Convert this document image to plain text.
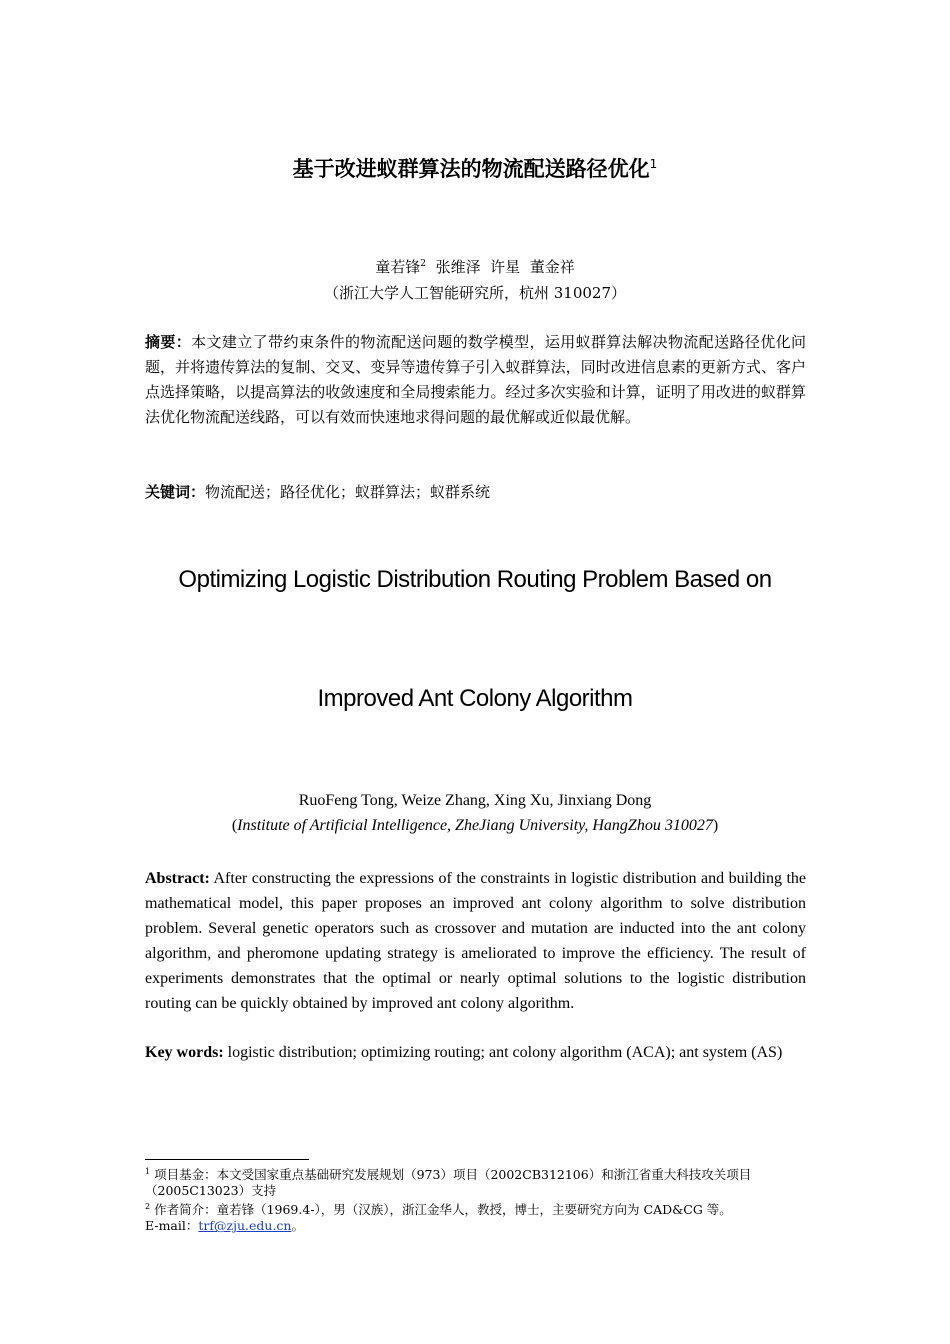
基于改进蚁群算法的物流配送路径优化$^1$
童若锋$^2$ 张维泽 许星 董金祥
（浙江大学人工智能研究所，杭州 310027）
摘要：本文建立了带约束条件的物流配送问题的数学模型，运用蚁群算法解决物流配送路径优化问题，并将遗传算法的复制、交叉、变异等遗传算子引入蚁群算法，同时改进信息素的更新方式、客户点选择策略，以提高算法的收敛速度和全局搜索能力。经过多次实验和计算，证明了用改进的蚁群算法优化物流配送线路，可以有效而快速地求得问题的最优解或近似最优解。
关键词：物流配送；路径优化；蚁群算法；蚁群系统
Optimizing Logistic Distribution Routing Problem Based on
Improved Ant Colony Algorithm
RuoFeng Tong, Weize Zhang, Xing Xu, Jinxiang Dong
(Institute of Artificial Intelligence, ZheJiang University, HangZhou 310027)
Abstract: After constructing the expressions of the constraints in logistic distribution and building the mathematical model, this paper proposes an improved ant colony algorithm to solve distribution problem. Several genetic operators such as crossover and mutation are inducted into the ant colony algorithm, and pheromone updating strategy is ameliorated to improve the efficiency. The result of experiments demonstrates that the optimal or nearly optimal solutions to the logistic distribution routing can be quickly obtained by improved ant colony algorithm.
Key words: logistic distribution; optimizing routing; ant colony algorithm (ACA); ant system (AS)

$^1$ 项目基金：本文受国家重点基础研究发展规划（973）项目（2002CB312106）和浙江省重大科技攻关项目（2005C13023）支持

$^2$ 作者简介：童若锋（1969.4-），男（汉族），浙江金华人，教授，博士，主要研究方向为 CAD&CG 等。

E-mail：trf@zju.edu.cn。
